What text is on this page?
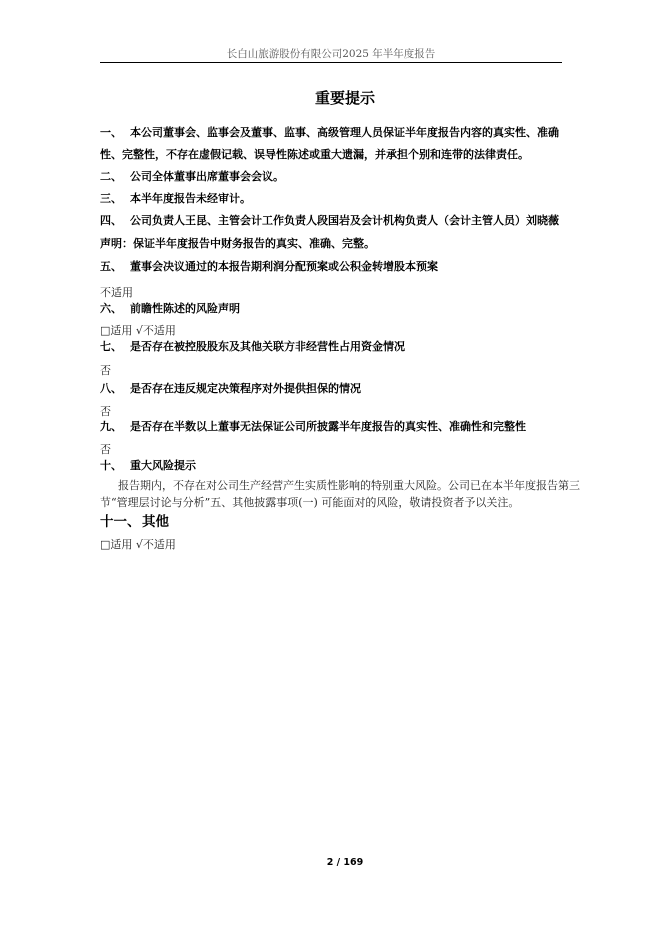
长白山旅游股份有限公司2025 年半年度报告
重要提示
一、 本公司董事会、监事会及董事、监事、高级管理人员保证半年度报告内容的真实性、准确
性、完整性，不存在虚假记载、误导性陈述或重大遗漏，并承担个别和连带的法律责任。
二、 公司全体董事出席董事会会议。
三、 本半年度报告未经审计。
四、 公司负责人王昆、主管会计工作负责人段国岩及会计机构负责人（会计主管人员）刘晓薇
声明：保证半年度报告中财务报告的真实、准确、完整。
五、 董事会决议通过的本报告期利润分配预案或公积金转增股本预案
不适用
六、 前瞻性陈述的风险声明
□适用 √不适用
七、 是否存在被控股股东及其他关联方非经营性占用资金情况
否
八、 是否存在违反规定决策程序对外提供担保的情况
否
九、 是否存在半数以上董事无法保证公司所披露半年度报告的真实性、准确性和完整性
否
十、 重大风险提示
报告期内，不存在对公司生产经营产生实质性影响的特别重大风险。公司已在本半年度报告第三节“管理层讨论与分析”五、其他披露事项(一) 可能面对的风险，敬请投资者予以关注。
十一、 其他
□适用 √不适用
2 / 169
